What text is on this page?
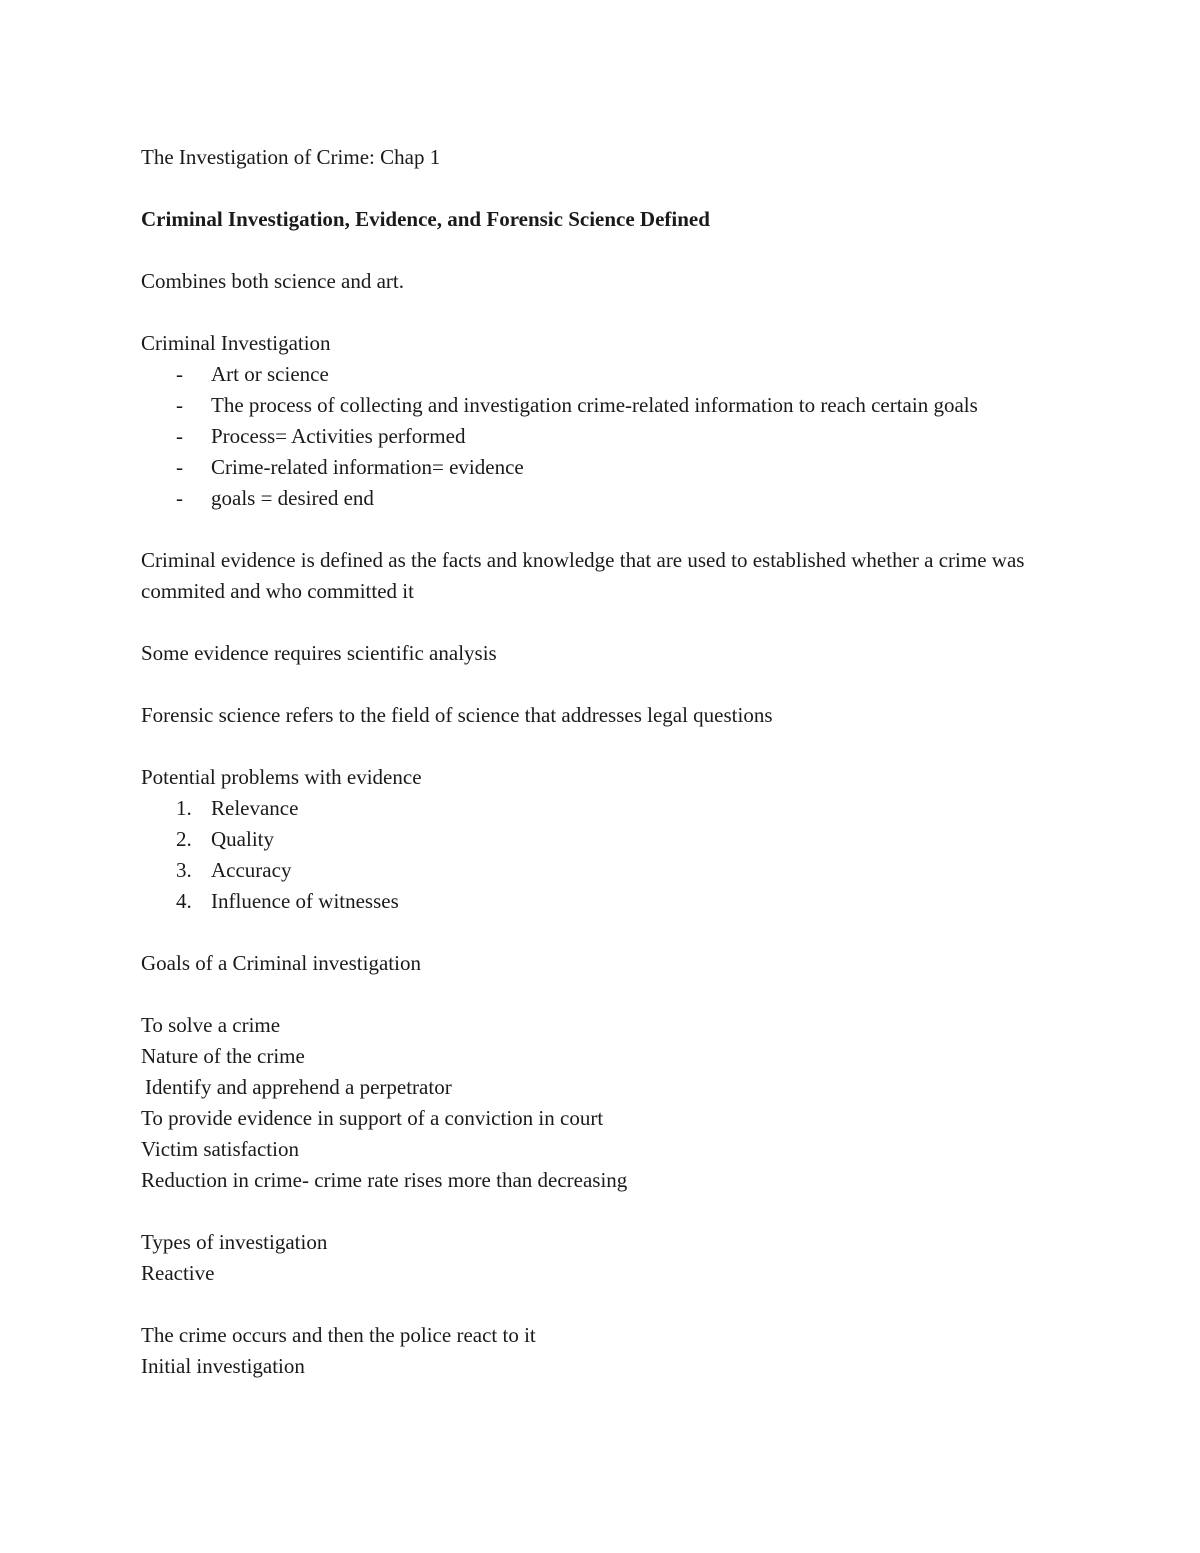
The Investigation of Crime: Chap 1
Criminal Investigation, Evidence, and Forensic Science Defined
Combines both science and art.
Criminal Investigation
- Art or science
- The process of collecting and investigation crime-related information to reach certain goals
- Process= Activities performed
- Crime-related information= evidence
- goals = desired end
Criminal evidence is defined as the facts and knowledge that are used to established whether a crime was commited and who committed it
Some evidence requires scientific analysis
Forensic science refers to the field of science that addresses legal questions
Potential problems with evidence
1. Relevance
2. Quality
3. Accuracy
4. Influence of witnesses
Goals of a Criminal investigation
To solve a crime
Nature of the crime
Identify and apprehend a perpetrator
To provide evidence in support of a conviction in court
Victim satisfaction
Reduction in crime- crime rate rises more than decreasing
Types of investigation
Reactive
The crime occurs and then the police react to it
Initial investigation
